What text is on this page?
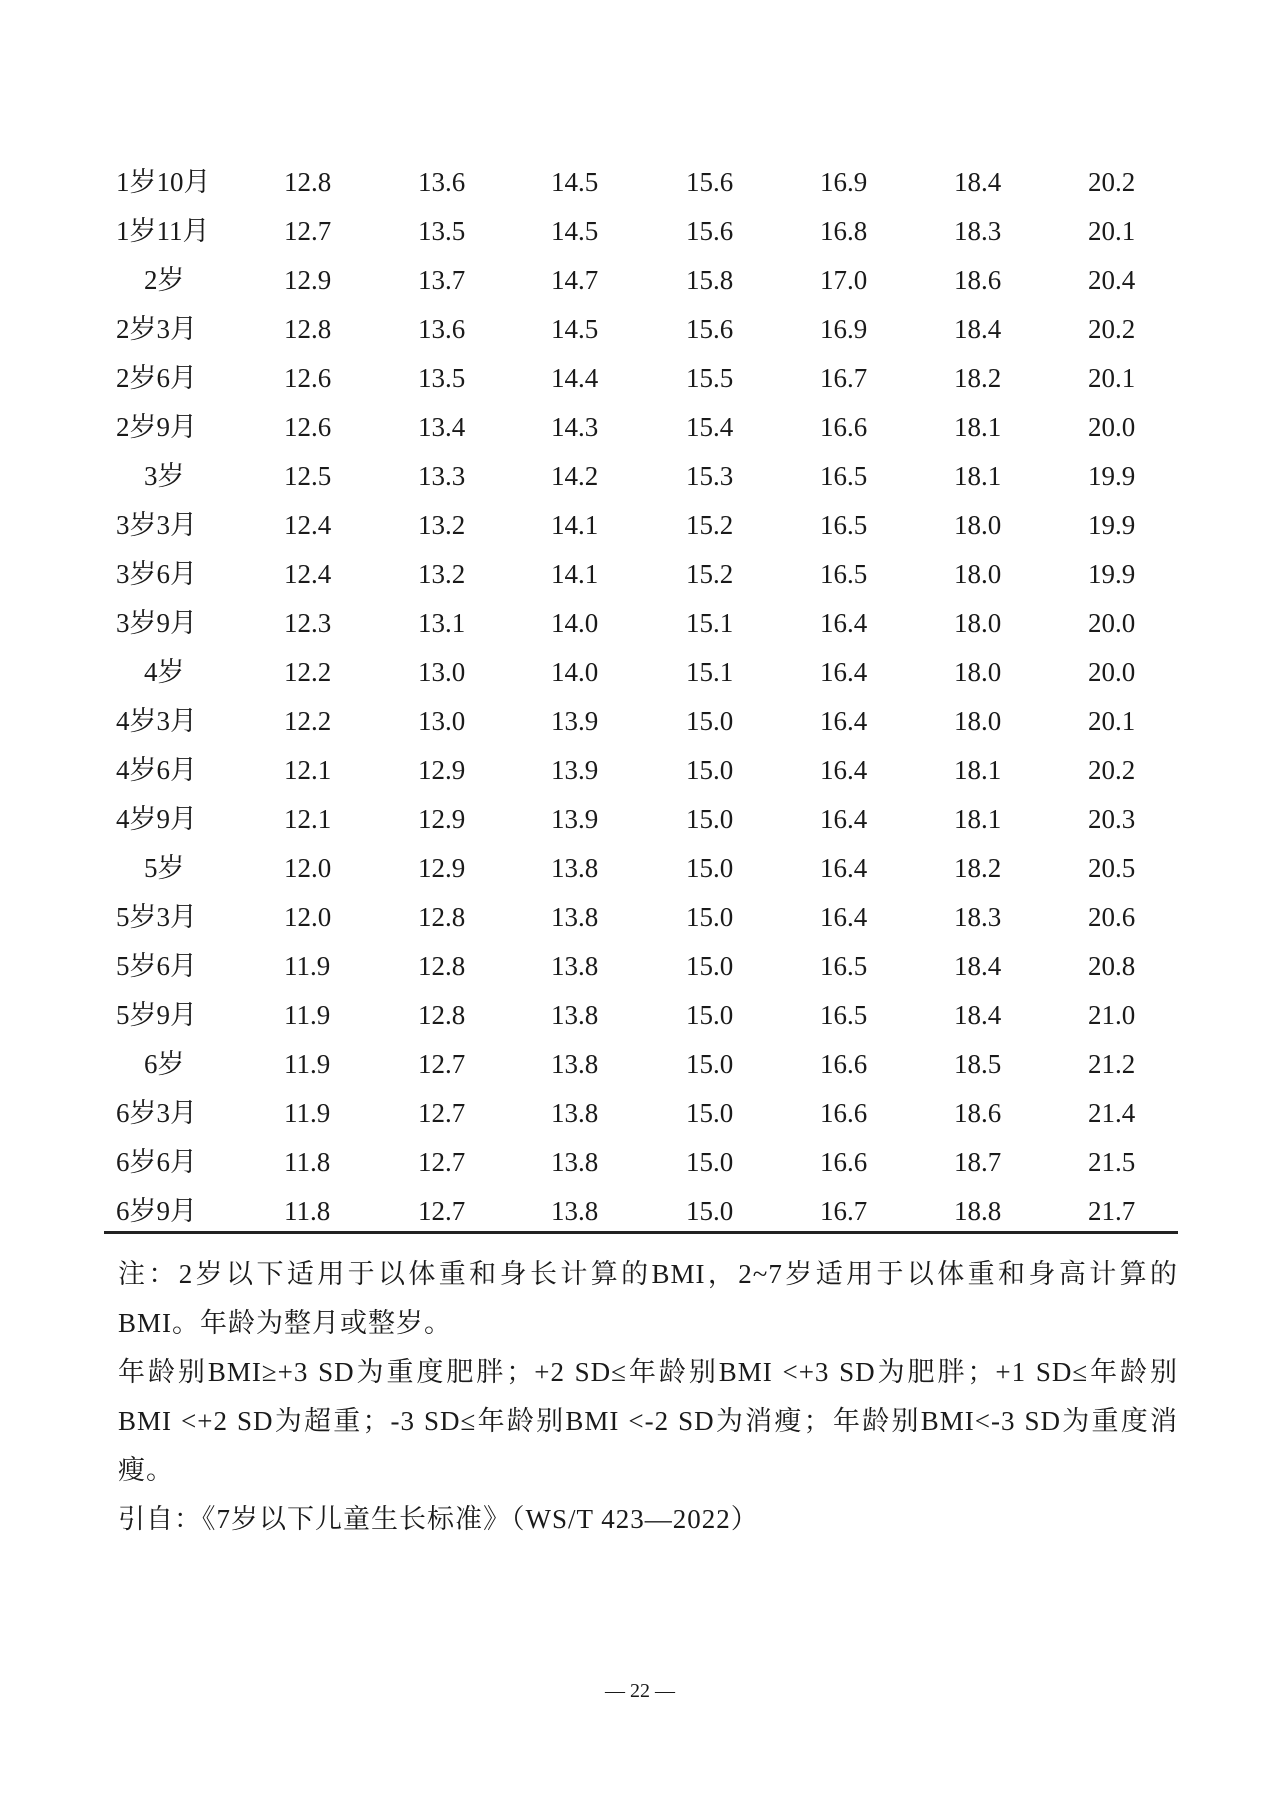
1岁10月	12.8	13.6	14.5	15.6	16.9	18.4	20.2
1岁11月	12.7	13.5	14.5	15.6	16.8	18.3	20.1
2岁	12.9	13.7	14.7	15.8	17.0	18.6	20.4
2岁3月	12.8	13.6	14.5	15.6	16.9	18.4	20.2
2岁6月	12.6	13.5	14.4	15.5	16.7	18.2	20.1
2岁9月	12.6	13.4	14.3	15.4	16.6	18.1	20.0
3岁	12.5	13.3	14.2	15.3	16.5	18.1	19.9
3岁3月	12.4	13.2	14.1	15.2	16.5	18.0	19.9
3岁6月	12.4	13.2	14.1	15.2	16.5	18.0	19.9
3岁9月	12.3	13.1	14.0	15.1	16.4	18.0	20.0
4岁	12.2	13.0	14.0	15.1	16.4	18.0	20.0
4岁3月	12.2	13.0	13.9	15.0	16.4	18.0	20.1
4岁6月	12.1	12.9	13.9	15.0	16.4	18.1	20.2
4岁9月	12.1	12.9	13.9	15.0	16.4	18.1	20.3
5岁	12.0	12.9	13.8	15.0	16.4	18.2	20.5
5岁3月	12.0	12.8	13.8	15.0	16.4	18.3	20.6
5岁6月	11.9	12.8	13.8	15.0	16.5	18.4	20.8
5岁9月	11.9	12.8	13.8	15.0	16.5	18.4	21.0
6岁	11.9	12.7	13.8	15.0	16.6	18.5	21.2
6岁3月	11.9	12.7	13.8	15.0	16.6	18.6	21.4
6岁6月	11.8	12.7	13.8	15.0	16.6	18.7	21.5
6岁9月	11.8	12.7	13.8	15.0	16.7	18.8	21.7

注：2岁以下适用于以体重和身长计算的BMI，2~7岁适用于以体重和身高计算的BMI。年龄为整月或整岁。

年龄别BMI≥+3 SD为重度肥胖；+2 SD≤年龄别BMI <+3 SD为肥胖；+1 SD≤年龄别BMI <+2 SD为超重；-3 SD≤年龄别BMI <-2 SD为消瘦；年龄别BMI<-3 SD为重度消瘦。

引自：《7岁以下儿童生长标准》（WS/T 423—2022）

— 22 —
